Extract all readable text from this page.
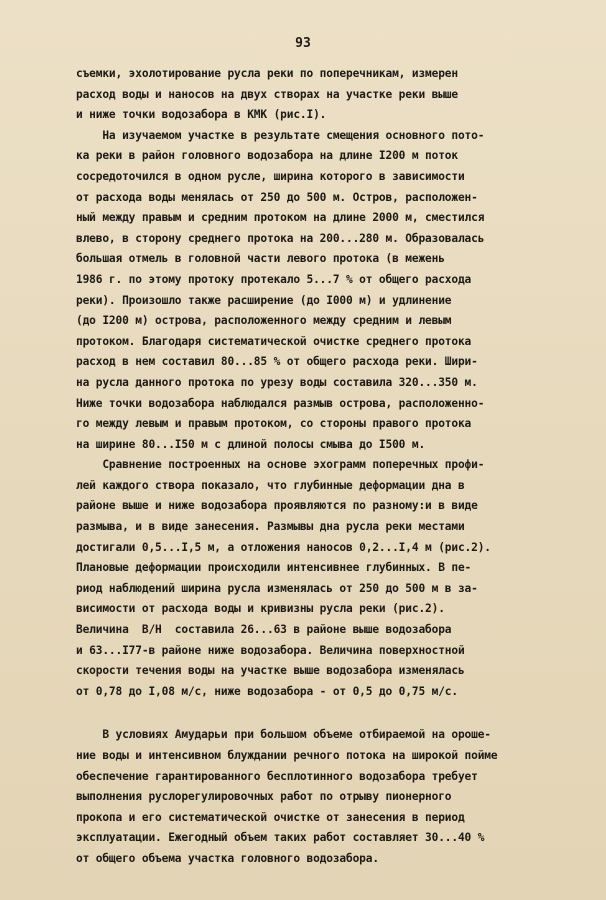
93
съемки, эхолотирование русла реки по поперечникам, измерен
расход воды и наносов на двух створах на участке реки выше
и ниже точки водозабора в КМК (рис.I).
На изучаемом участке в результате смещения основного пото-
ка реки в район головного водозабора на длине I200 м поток
сосредоточился в одном русле, ширина которого в зависимости
от расхода воды менялась от 250 до 500 м. Остров, расположен-
ный между правым и средним протоком на длине 2000 м, сместился
влево, в сторону среднего протока на 200...280 м. Образовалась
большая отмель в головной части левого протока (в межень
1986 г. по этому протоку протекало 5...7 % от общего расхода
реки). Произошло также расширение (до I000 м) и удлинение
(до I200 м) острова, расположенного между средним и левым
протоком. Благодаря систематической очистке среднего протока
расход в нем составил 80...85 % от общего расхода реки. Шири-
на русла данного протока по урезу воды составила 320...350 м.
Ниже точки водозабора наблюдался размыв острова, расположенно-
го между левым и правым протоком, со стороны правого протока
на ширине 80...I50 м с длиной полосы смыва до I500 м.
Сравнение построенных на основе эхограмм поперечных профи-
лей каждого створа показало, что глубинные деформации дна в
районе выше и ниже водозабора проявляются по разному:и в виде
размыва, и в виде занесения. Размывы дна русла реки местами
достигали 0,5...I,5 м, а отложения наносов 0,2...I,4 м (рис.2).
Плановые деформации происходили интенсивнее глубинных. В пе-
риод наблюдений ширина русла изменялась от 250 до 500 м в за-
висимости от расхода воды и кривизны русла реки (рис.2).
Величина  B/H  составила 26...63 в районе выше водозабора
и 63...I77-в районе ниже водозабора. Величина поверхностной
скорости течения воды на участке выше водозабора изменялась
от 0,78 до I,08 м/с, ниже водозабора - от 0,5 до 0,75 м/с.
В условиях Амударьи при большом объеме отбираемой на ороше-
ние воды и интенсивном блуждании речного потока на широкой пойме
обеспечение гарантированного бесплотинного водозабора требует
выполнения руслорегулировочных работ по отрыву пионерного
прокопа и его систематической очистке от занесения в период
эксплуатации. Ежегодный объем таких работ составляет 30...40 %
от общего объема участка головного водозабора.
